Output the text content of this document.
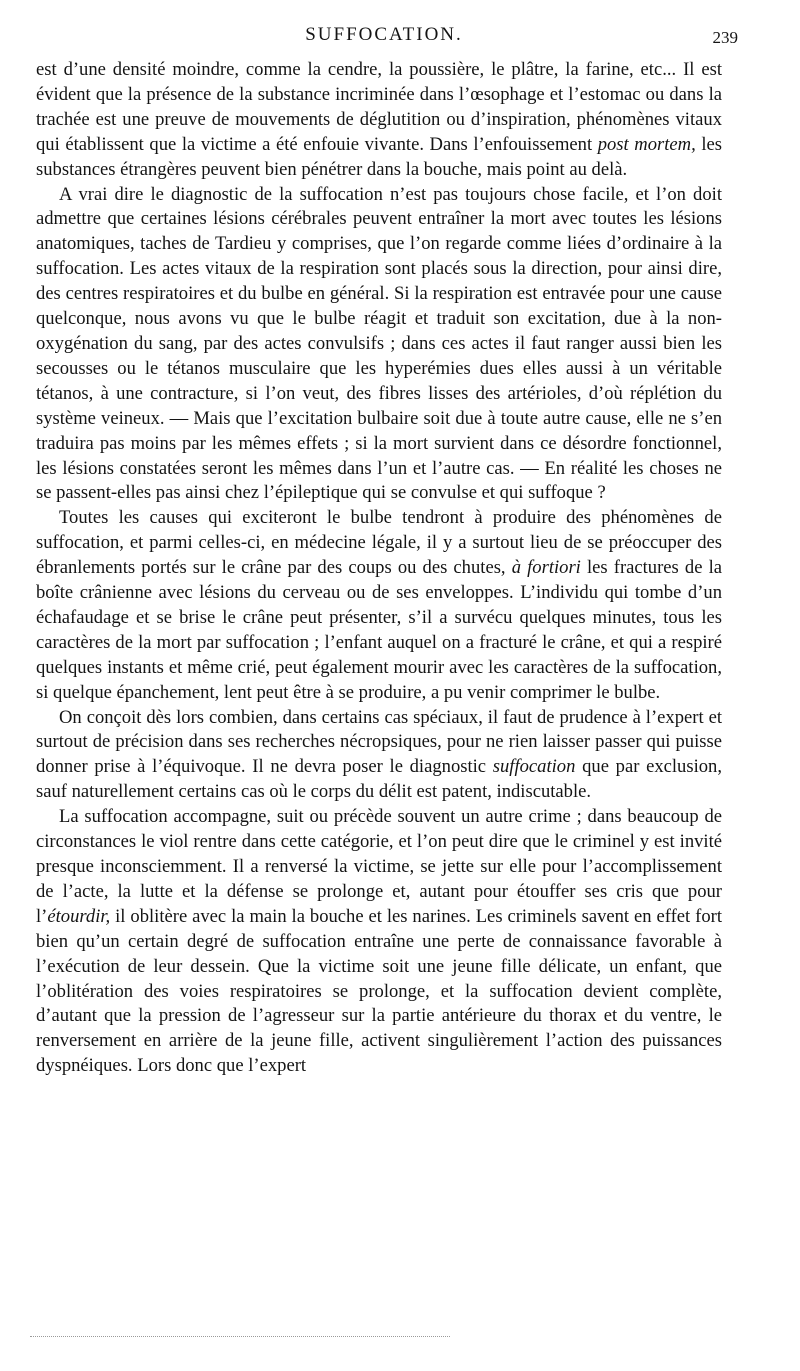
SUFFOCATION.	239

est d’une densité moindre, comme la cendre, la poussière, le plâtre, la farine, etc... Il est évident que la présence de la substance incriminée dans l’œsophage et l’estomac ou dans la trachée est une preuve de mouvements de déglutition ou d’inspiration, phénomènes vitaux qui établissent que la victime a été enfouie vivante. Dans l’enfouissement post mortem, les substances étrangères peuvent bien pénétrer dans la bouche, mais point au delà.

A vrai dire le diagnostic de la suffocation n’est pas toujours chose facile, et l’on doit admettre que certaines lésions cérébrales peuvent entraîner la mort avec toutes les lésions anatomiques, taches de Tardieu y comprises, que l’on regarde comme liées d’ordinaire à la suffocation. Les actes vitaux de la respiration sont placés sous la direction, pour ainsi dire, des centres respiratoires et du bulbe en général. Si la respiration est entravée pour une cause quelconque, nous avons vu que le bulbe réagit et traduit son excitation, due à la non-oxygénation du sang, par des actes convulsifs ; dans ces actes il faut ranger aussi bien les secousses ou le tétanos musculaire que les hyperémies dues elles aussi à un véritable tétanos, à une contracture, si l’on veut, des fibres lisses des artérioles, d’où réplétion du système veineux. — Mais que l’excitation bulbaire soit due à toute autre cause, elle ne s’en traduira pas moins par les mêmes effets ; si la mort survient dans ce désordre fonctionnel, les lésions constatées seront les mêmes dans l’un et l’autre cas. — En réalité les choses ne se passent-elles pas ainsi chez l’épileptique qui se convulse et qui suffoque ?

Toutes les causes qui exciteront le bulbe tendront à produire des phénomènes de suffocation, et parmi celles-ci, en médecine légale, il y a surtout lieu de se préoccuper des ébranlements portés sur le crâne par des coups ou des chutes, à fortiori les fractures de la boîte crânienne avec lésions du cerveau ou de ses enveloppes. L’individu qui tombe d’un échafaudage et se brise le crâne peut présenter, s’il a survécu quelques minutes, tous les caractères de la mort par suffocation ; l’enfant auquel on a fracturé le crâne, et qui a respiré quelques instants et même crié, peut également mourir avec les caractères de la suffocation, si quelque épanchement, lent peut être à se produire, a pu venir comprimer le bulbe.

On conçoit dès lors combien, dans certains cas spéciaux, il faut de prudence à l’expert et surtout de précision dans ses recherches nécropsiques, pour ne rien laisser passer qui puisse donner prise à l’équivoque. Il ne devra poser le diagnostic suffocation que par exclusion, sauf naturellement certains cas où le corps du délit est patent, indiscutable.

La suffocation accompagne, suit ou précède souvent un autre crime ; dans beaucoup de circonstances le viol rentre dans cette catégorie, et l’on peut dire que le criminel y est invité presque inconsciemment. Il a renversé la victime, se jette sur elle pour l’accomplissement de l’acte, la lutte et la défense se prolonge et, autant pour étouffer ses cris que pour l’étourdir, il oblitère avec la main la bouche et les narines. Les criminels savent en effet fort bien qu’un certain degré de suffocation entraîne une perte de connaissance favorable à l’exécution de leur dessein. Que la victime soit une jeune fille délicate, un enfant, que l’oblitération des voies respiratoires se prolonge, et la suffocation devient complète, d’autant que la pression de l’agresseur sur la partie antérieure du thorax et du ventre, le renversement en arrière de la jeune fille, activent singulièrement l’action des puissances dyspnéiques. Lors donc que l’expert
